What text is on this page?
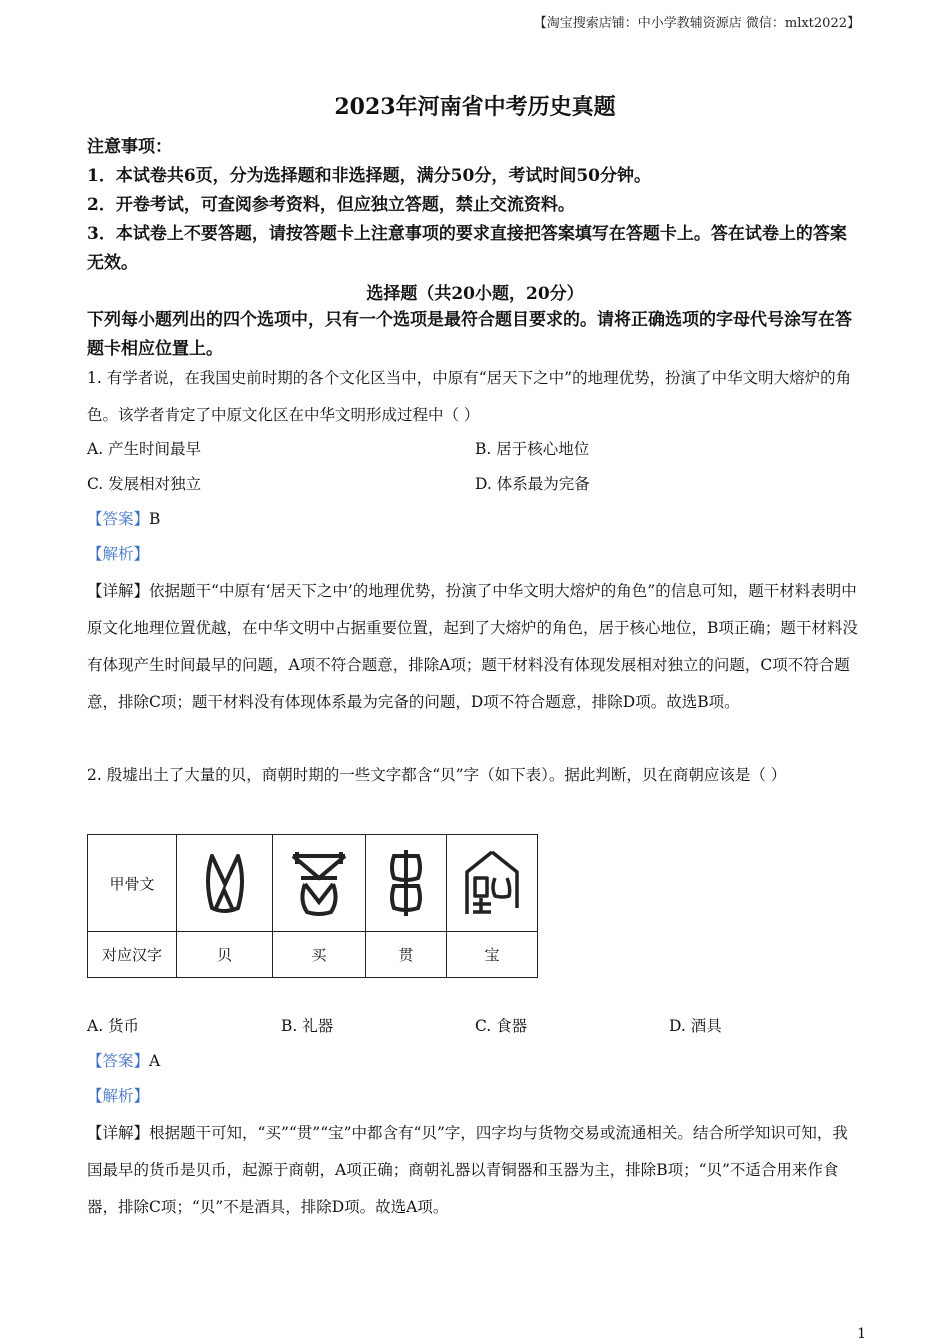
【淘宝搜索店铺：中小学教辅资源店 微信：mlxt2022】
2023年河南省中考历史真题
注意事项：
1．本试卷共6页，分为选择题和非选择题，满分50分，考试时间50分钟。
2．开卷考试，可查阅参考资料，但应独立答题，禁止交流资料。
3．本试卷上不要答题，请按答题卡上注意事项的要求直接把答案填写在答题卡上。答在试卷上的答案无效。
选择题（共20小题，20分）
下列每小题列出的四个选项中，只有一个选项是最符合题目要求的。请将正确选项的字母代号涂写在答题卡相应位置上。
1. 有学者说，在我国史前时期的各个文化区当中，中原有“居天下之中”的地理优势，扮演了中华文明大熔炉的角色。该学者肯定了中原文化区在中华文明形成过程中（ ）
A. 产生时间最早	B. 居于核心地位
C. 发展相对独立	D. 体系最为完备
【答案】B
【解析】
【详解】依据题干“中原有‘居天下之中’的地理优势，扮演了中华文明大熔炉的角色”的信息可知，题干材料表明中原文化地理位置优越，在中华文明中占据重要位置，起到了大熔炉的角色，居于核心地位，B项正确；题干材料没有体现产生时间最早的问题，A项不符合题意，排除A项；题干材料没有体现发展相对独立的问题，C项不符合题意，排除C项；题干材料没有体现体系最为完备的问题，D项不符合题意，排除D项。故选B项。
2. 殷墟出土了大量的贝，商朝时期的一些文字都含“贝”字（如下表）。据此判断，贝在商朝应该是（ ）
甲骨文	

对应汉字	贝	买	贯	宝
A. 货币	B. 礼器	C. 食器	D. 酒具
【答案】A
【解析】
【详解】根据题干可知，“买”“贯”“宝”中都含有“贝”字，四字均与货物交易或流通相关。结合所学知识可知，我国最早的货币是贝币，起源于商朝，A项正确；商朝礼器以青铜器和玉器为主，排除B项；“贝”不适合用来作食器，排除C项；“贝”不是酒具，排除D项。故选A项。
1
